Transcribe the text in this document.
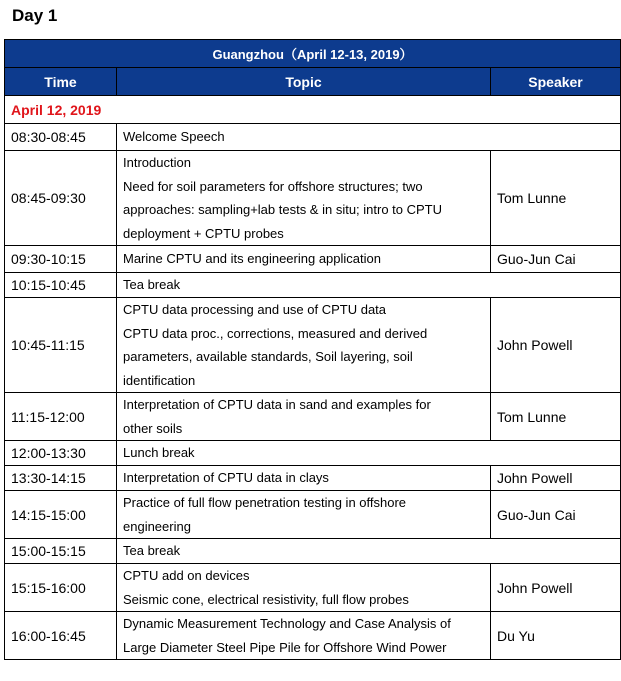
Day 1
Guangzhou（April 12-13, 2019）		
Time	Topic	Speaker
April 12, 2019		
08:30-08:45	Welcome Speech	

08:45-09:30	Introduction
Need for soil parameters for offshore structures; two
approaches: sampling+lab tests & in situ; intro to CPTU
deployment + CPTU probes	Tom Lunne
09:30-10:15	Marine CPTU and its engineering application	Guo-Jun Cai
10:15-10:45	Tea break	

10:45-11:15	CPTU data processing and use of CPTU data
CPTU data proc., corrections, measured and derived
parameters, available standards, Soil layering, soil
identification	John Powell
11:15-12:00	Interpretation of CPTU data in sand and examples for
other soils	Tom Lunne
12:00-13:30	Lunch break	

13:30-14:15	Interpretation of CPTU data in clays	John Powell
14:15-15:00	Practice of full flow penetration testing in offshore
engineering	Guo-Jun Cai
15:00-15:15	Tea break	

15:15-16:00	CPTU add on devices
Seismic cone, electrical resistivity, full flow probes	John Powell
16:00-16:45	Dynamic Measurement Technology and Case Analysis of
Large Diameter Steel Pipe Pile for Offshore Wind Power	Du Yu
